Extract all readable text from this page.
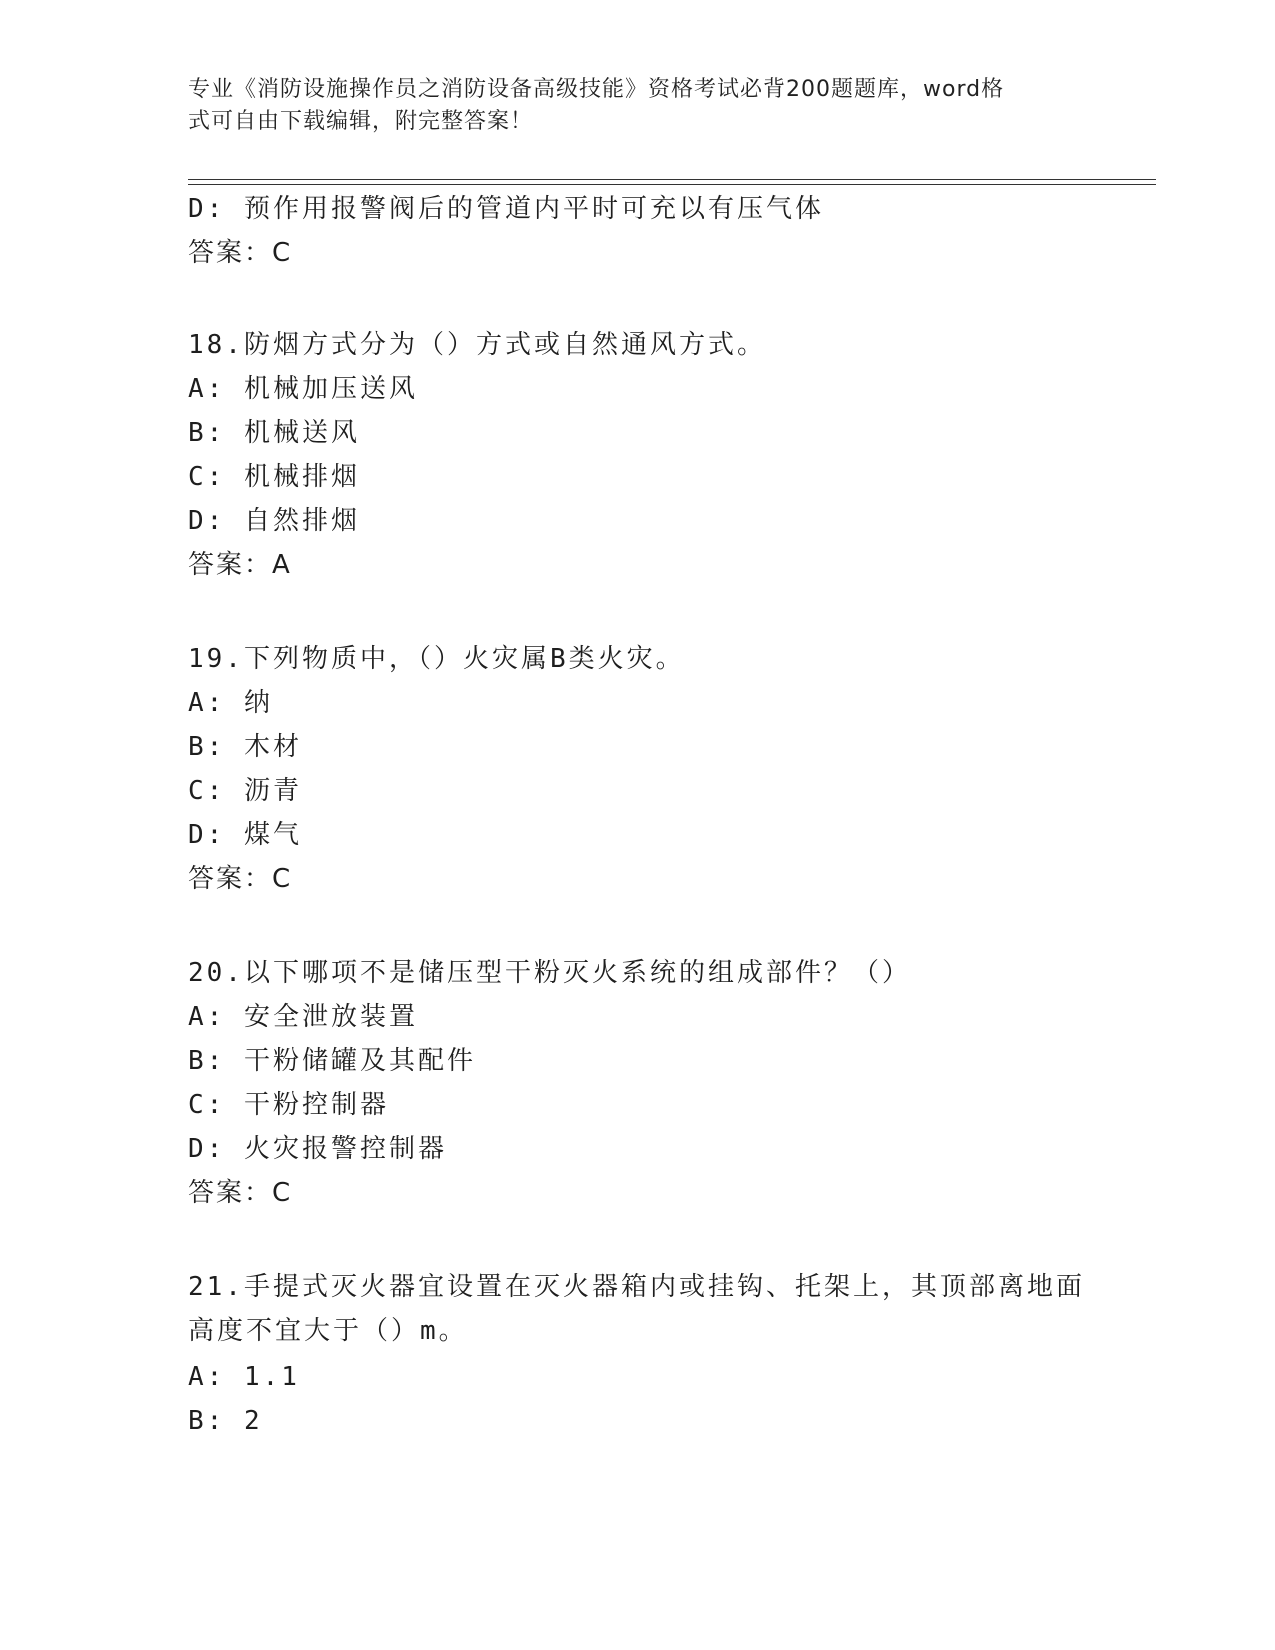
专业《消防设施操作员之消防设备高级技能》资格考试必背200题题库，word格
式可自由下载编辑，附完整答案！
D: 预作用报警阀后的管道内平时可充以有压气体
答案：C
18.防烟方式分为（）方式或自然通风方式。
A: 机械加压送风
B: 机械送风
C: 机械排烟
D: 自然排烟
答案：A
19.下列物质中，（）火灾属B类火灾。
A: 纳
B: 木材
C: 沥青
D: 煤气
答案：C
20.以下哪项不是储压型干粉灭火系统的组成部件？（）
A: 安全泄放装置
B: 干粉储罐及其配件
C: 干粉控制器
D: 火灾报警控制器
答案：C
21.手提式灭火器宜设置在灭火器箱内或挂钩、托架上，其顶部离地面
高度不宜大于（）m。
A: 1.1
B: 2
